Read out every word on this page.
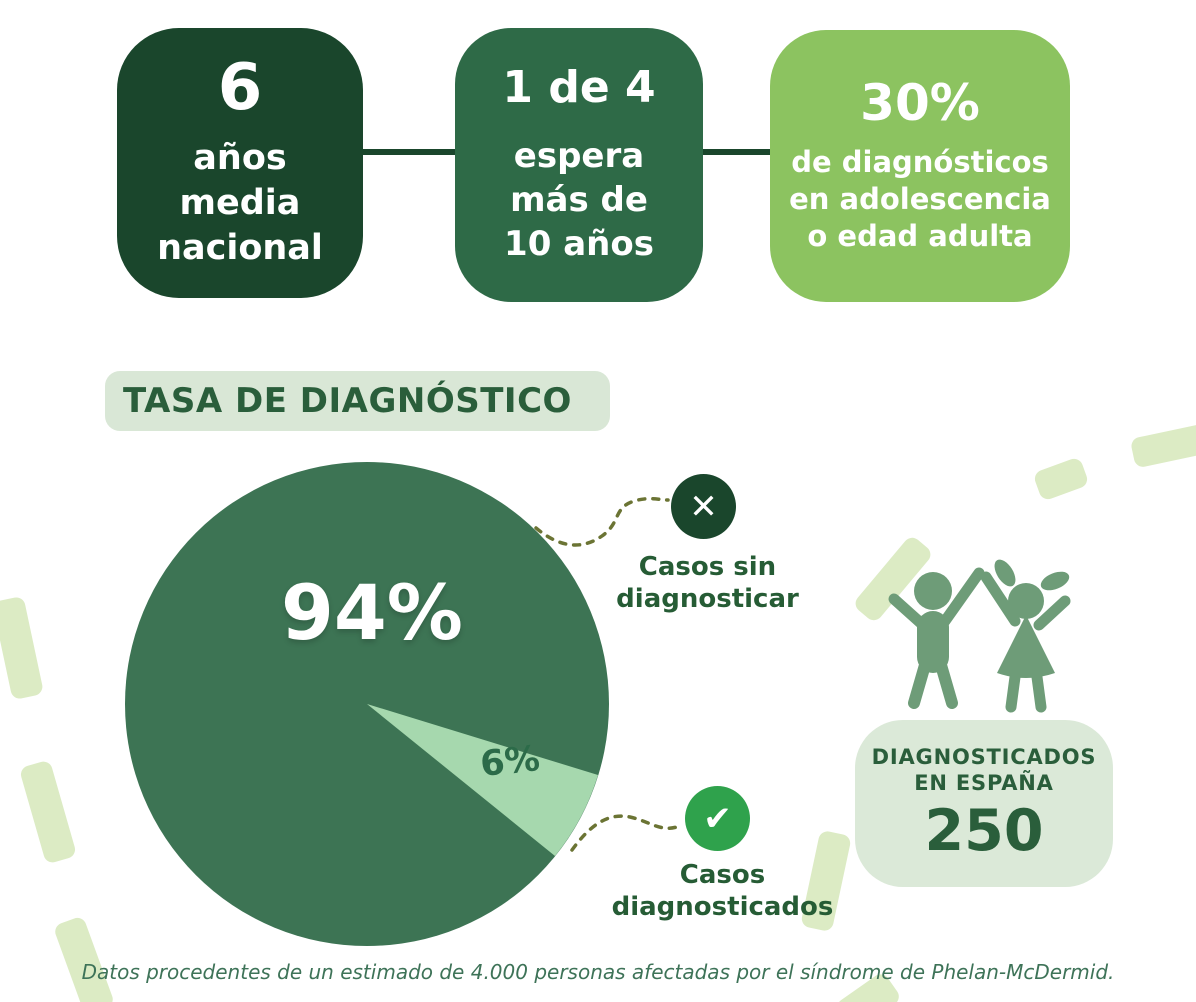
6
años
media
nacional
1 de 4
espera
más de
10 años
30%
de diagnósticos
en adolescencia
o edad adulta
TASA DE DIAGNÓSTICO
94%
6%
✕
Casos sin
diagnosticar
✔
Casos
diagnosticados
DIAGNOSTICADOS
EN ESPAÑA
250
Datos procedentes de un estimado de 4.000 personas afectadas por el síndrome de Phelan-McDermid.
